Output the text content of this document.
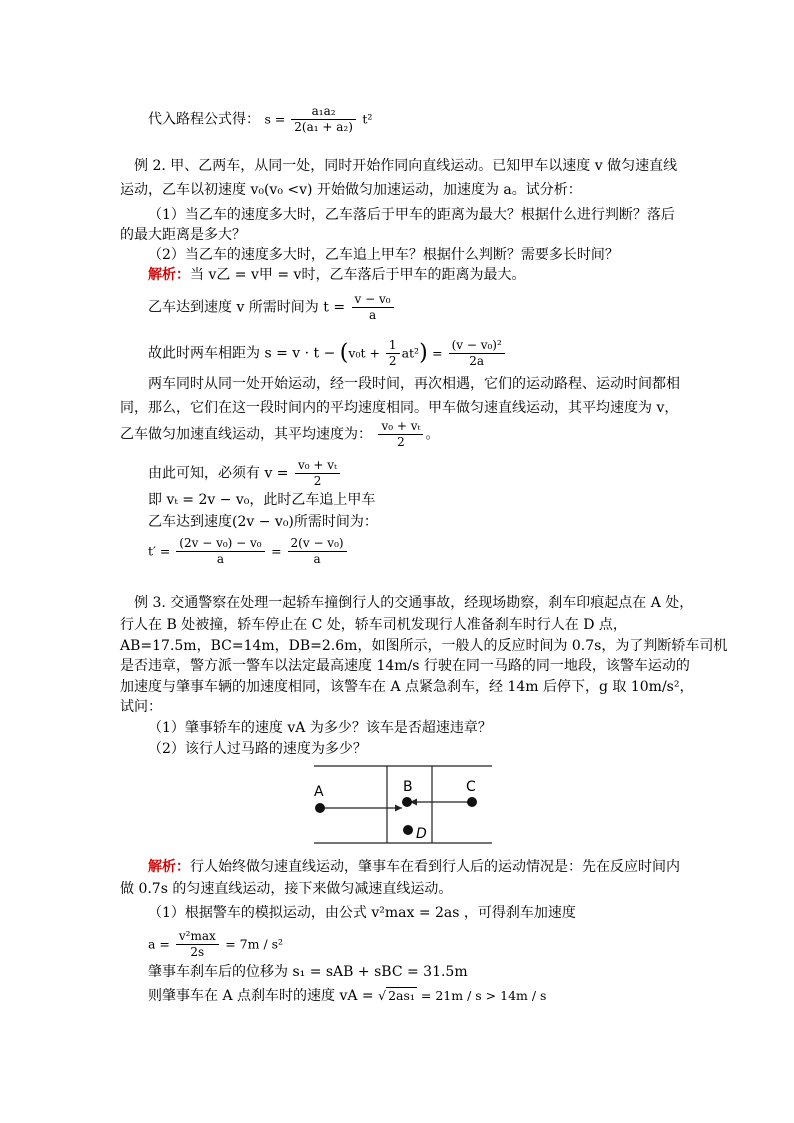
代入路程公式得： $s = \frac{\text{a₁a₂}}{\text{2(a₁ + a₂)}} t^2$
例 2. 甲、乙两车，从同一处，同时开始作同向直线运动。已知甲车以速度 v 做匀速直线
运动，乙车以初速度 v₀(v₀ <v) 开始做匀加速运动，加速度为 a。试分析：
（1）当乙车的速度多大时，乙车落后于甲车的距离为最大？根据什么进行判断？落后
的最大距离是多大？
（2）当乙车的速度多大时，乙车追上甲车？根据什么判断？需要多长时间？
解析：当 v乙 = v甲 = v时，乙车落后于甲车的距离为最大。
乙车达到速度 v 所需时间为 $t = \frac{\text{v − v₀}}{a}$
故此时两车相距为 $s = v \cdot t - (v_0t + \frac{1}{2} at^2) = \frac{\text{(v − v₀)²}}{2a}$
两车同时从同一处开始运动，经一段时间，再次相遇，它们的运动路程、运动时间都相
同，那么，它们在这一段时间内的平均速度相同。甲车做匀速直线运动，其平均速度为 v，
乙车做匀加速直线运动，其平均速度为： $\frac{\text{v₀ + vₜ}}{2}$ 。
由此可知，必须有 $v = \frac{\text{v₀ + vₜ}}{2}$
即 vₜ = 2v − v₀，此时乙车追上甲车
乙车达到速度(2v − v₀)所需时间为：
$t' = \frac{\text{(2v − v₀) − v₀}}{a} = \frac{\text{2(v − v₀)}}{a}$
例 3. 交通警察在处理一起轿车撞倒行人的交通事故，经现场勘察，刹车印痕起点在 A 处，
行人在 B 处被撞，轿车停止在 C 处，轿车司机发现行人准备刹车时行人在 D 点，
AB=17.5m，BC=14m，DB=2.6m，如图所示，一般人的反应时间为 0.7s，为了判断轿车司机
是否违章，警方派一警车以法定最高速度 14m/s 行驶在同一马路的同一地段，该警车运动的
加速度与肇事车辆的加速度相同，该警车在 A 点紧急刹车，经 14m 后停下，g 取 10m/s²，
试问：
（1）肇事轿车的速度 vA 为多少？该车是否超速违章？
（2）该行人过马路的速度为多少？
A	B	C
D
解析：行人始终做匀速直线运动，肇事车在看到行人后的运动情况是：先在反应时间内
做 0.7s 的匀速直线运动，接下来做匀减速直线运动。
（1）根据警车的模拟运动，由公式 v²max = 2as ，可得刹车加速度
$a = \frac{\text{v²max}}{2s} = 7m / s^2$
肇事车刹车后的位移为 s₁ = sAB + sBC = 31.5m
则肇事车在 A 点刹车时的速度 vA = √ 2as₁ = 21m / s > 14m / s
